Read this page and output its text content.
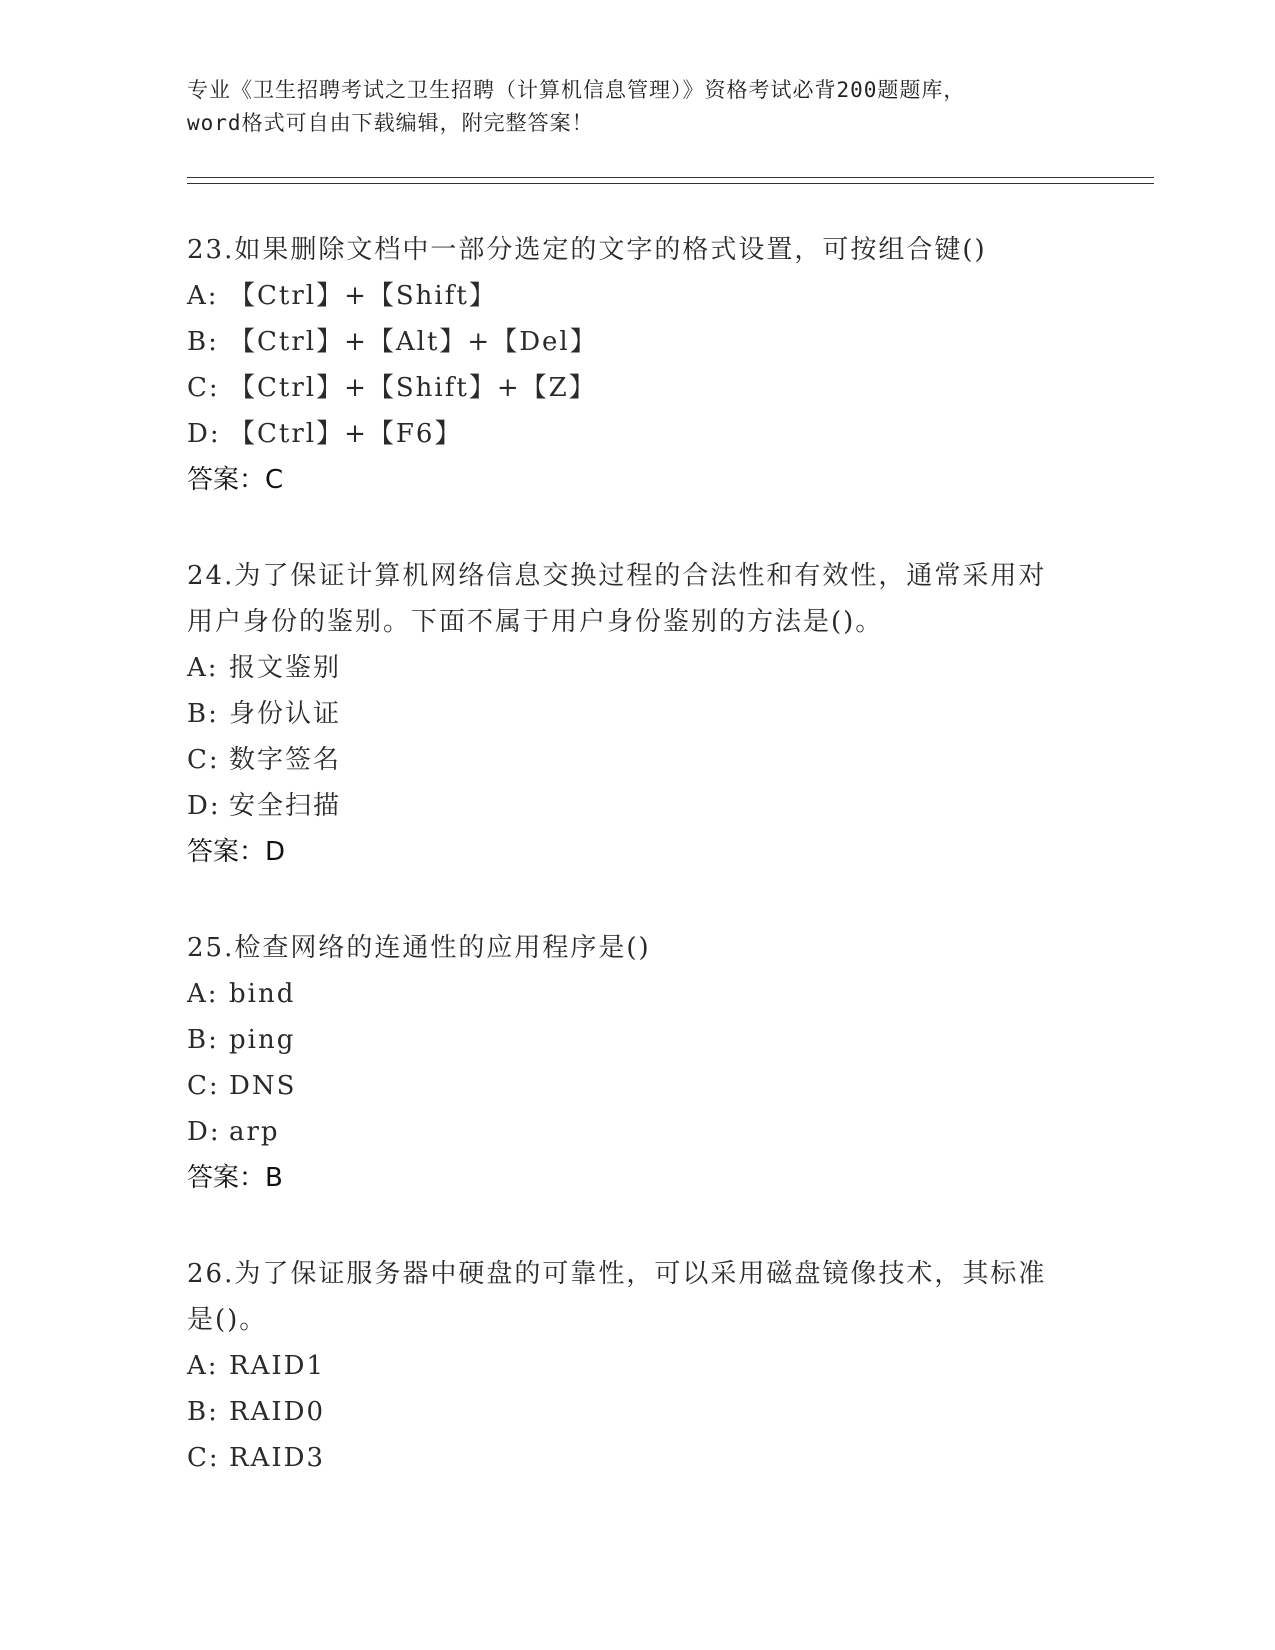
专业《卫生招聘考试之卫生招聘（计算机信息管理）》资格考试必背200题题库，
word格式可自由下载编辑，附完整答案！
23.如果删除文档中一部分选定的文字的格式设置，可按组合键()
A: 【Ctrl】+【Shift】
B: 【Ctrl】+【Alt】+【Del】
C: 【Ctrl】+【Shift】+【Z】
D: 【Ctrl】+【F6】
答案：C
24.为了保证计算机网络信息交换过程的合法性和有效性，通常采用对
用户身份的鉴别。下面不属于用户身份鉴别的方法是()。
A: 报文鉴别
B: 身份认证
C: 数字签名
D: 安全扫描
答案：D
25.检查网络的连通性的应用程序是()
A: bind
B: ping
C: DNS
D: arp
答案：B
26.为了保证服务器中硬盘的可靠性，可以采用磁盘镜像技术，其标准
是()。
A: RAID1
B: RAID0
C: RAID3
